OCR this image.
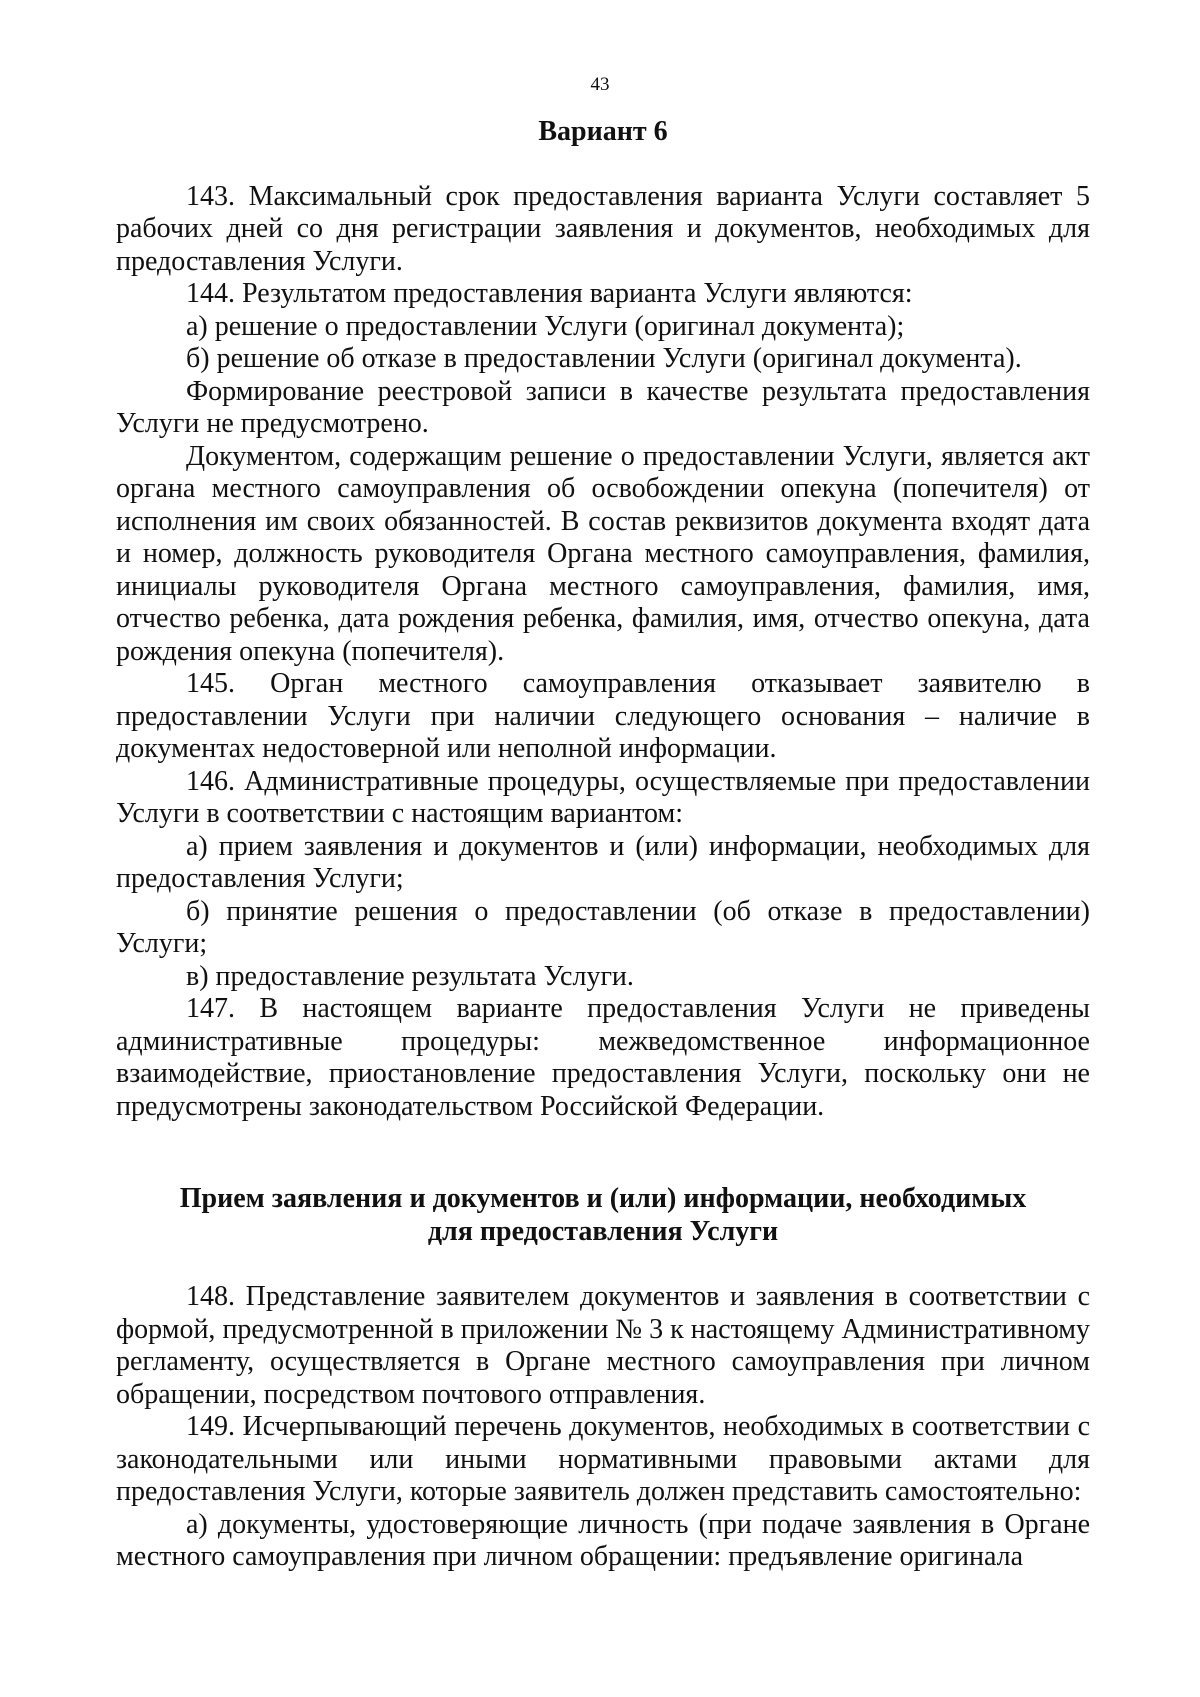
43

Вариант 6

143. Максимальный срок предоставления варианта Услуги составляет 5 рабочих дней со дня регистрации заявления и документов, необходимых для предоставления Услуги.

144. Результатом предоставления варианта Услуги являются:

а) решение о предоставлении Услуги (оригинал документа);

б) решение об отказе в предоставлении Услуги (оригинал документа).

Формирование реестровой записи в качестве результата предоставления Услуги не предусмотрено.

Документом, содержащим решение о предоставлении Услуги, является акт органа местного самоуправления об освобождении опекуна (попечителя) от исполнения им своих обязанностей. В состав реквизитов документа входят дата и номер, должность руководителя Органа местного самоуправления, фамилия, инициалы руководителя Органа местного самоуправления, фамилия, имя, отчество ребенка, дата рождения ребенка, фамилия, имя, отчество опекуна, дата рождения опекуна (попечителя).

145. Орган местного самоуправления отказывает заявителю в предоставлении Услуги при наличии следующего основания – наличие в документах недостоверной или неполной информации.

146. Административные процедуры, осуществляемые при предоставлении Услуги в соответствии с настоящим вариантом:

а) прием заявления и документов и (или) информации, необходимых для предоставления Услуги;

б) принятие решения о предоставлении (об отказе в предоставлении) Услуги;

в) предоставление результата Услуги.

147. В настоящем варианте предоставления Услуги не приведены административные процедуры: межведомственное информационное взаимодействие, приостановление предоставления Услуги, поскольку они не предусмотрены законодательством Российской Федерации.

Прием заявления и документов и (или) информации, необходимых для предоставления Услуги

148. Представление заявителем документов и заявления в соответствии с формой, предусмотренной в приложении № 3 к настоящему Административному регламенту, осуществляется в Органе местного самоуправления при личном обращении, посредством почтового отправления.

149. Исчерпывающий перечень документов, необходимых в соответствии с законодательными или иными нормативными правовыми актами для предоставления Услуги, которые заявитель должен представить самостоятельно:

а) документы, удостоверяющие личность (при подаче заявления в Органе местного самоуправления при личном обращении: предъявление оригинала
